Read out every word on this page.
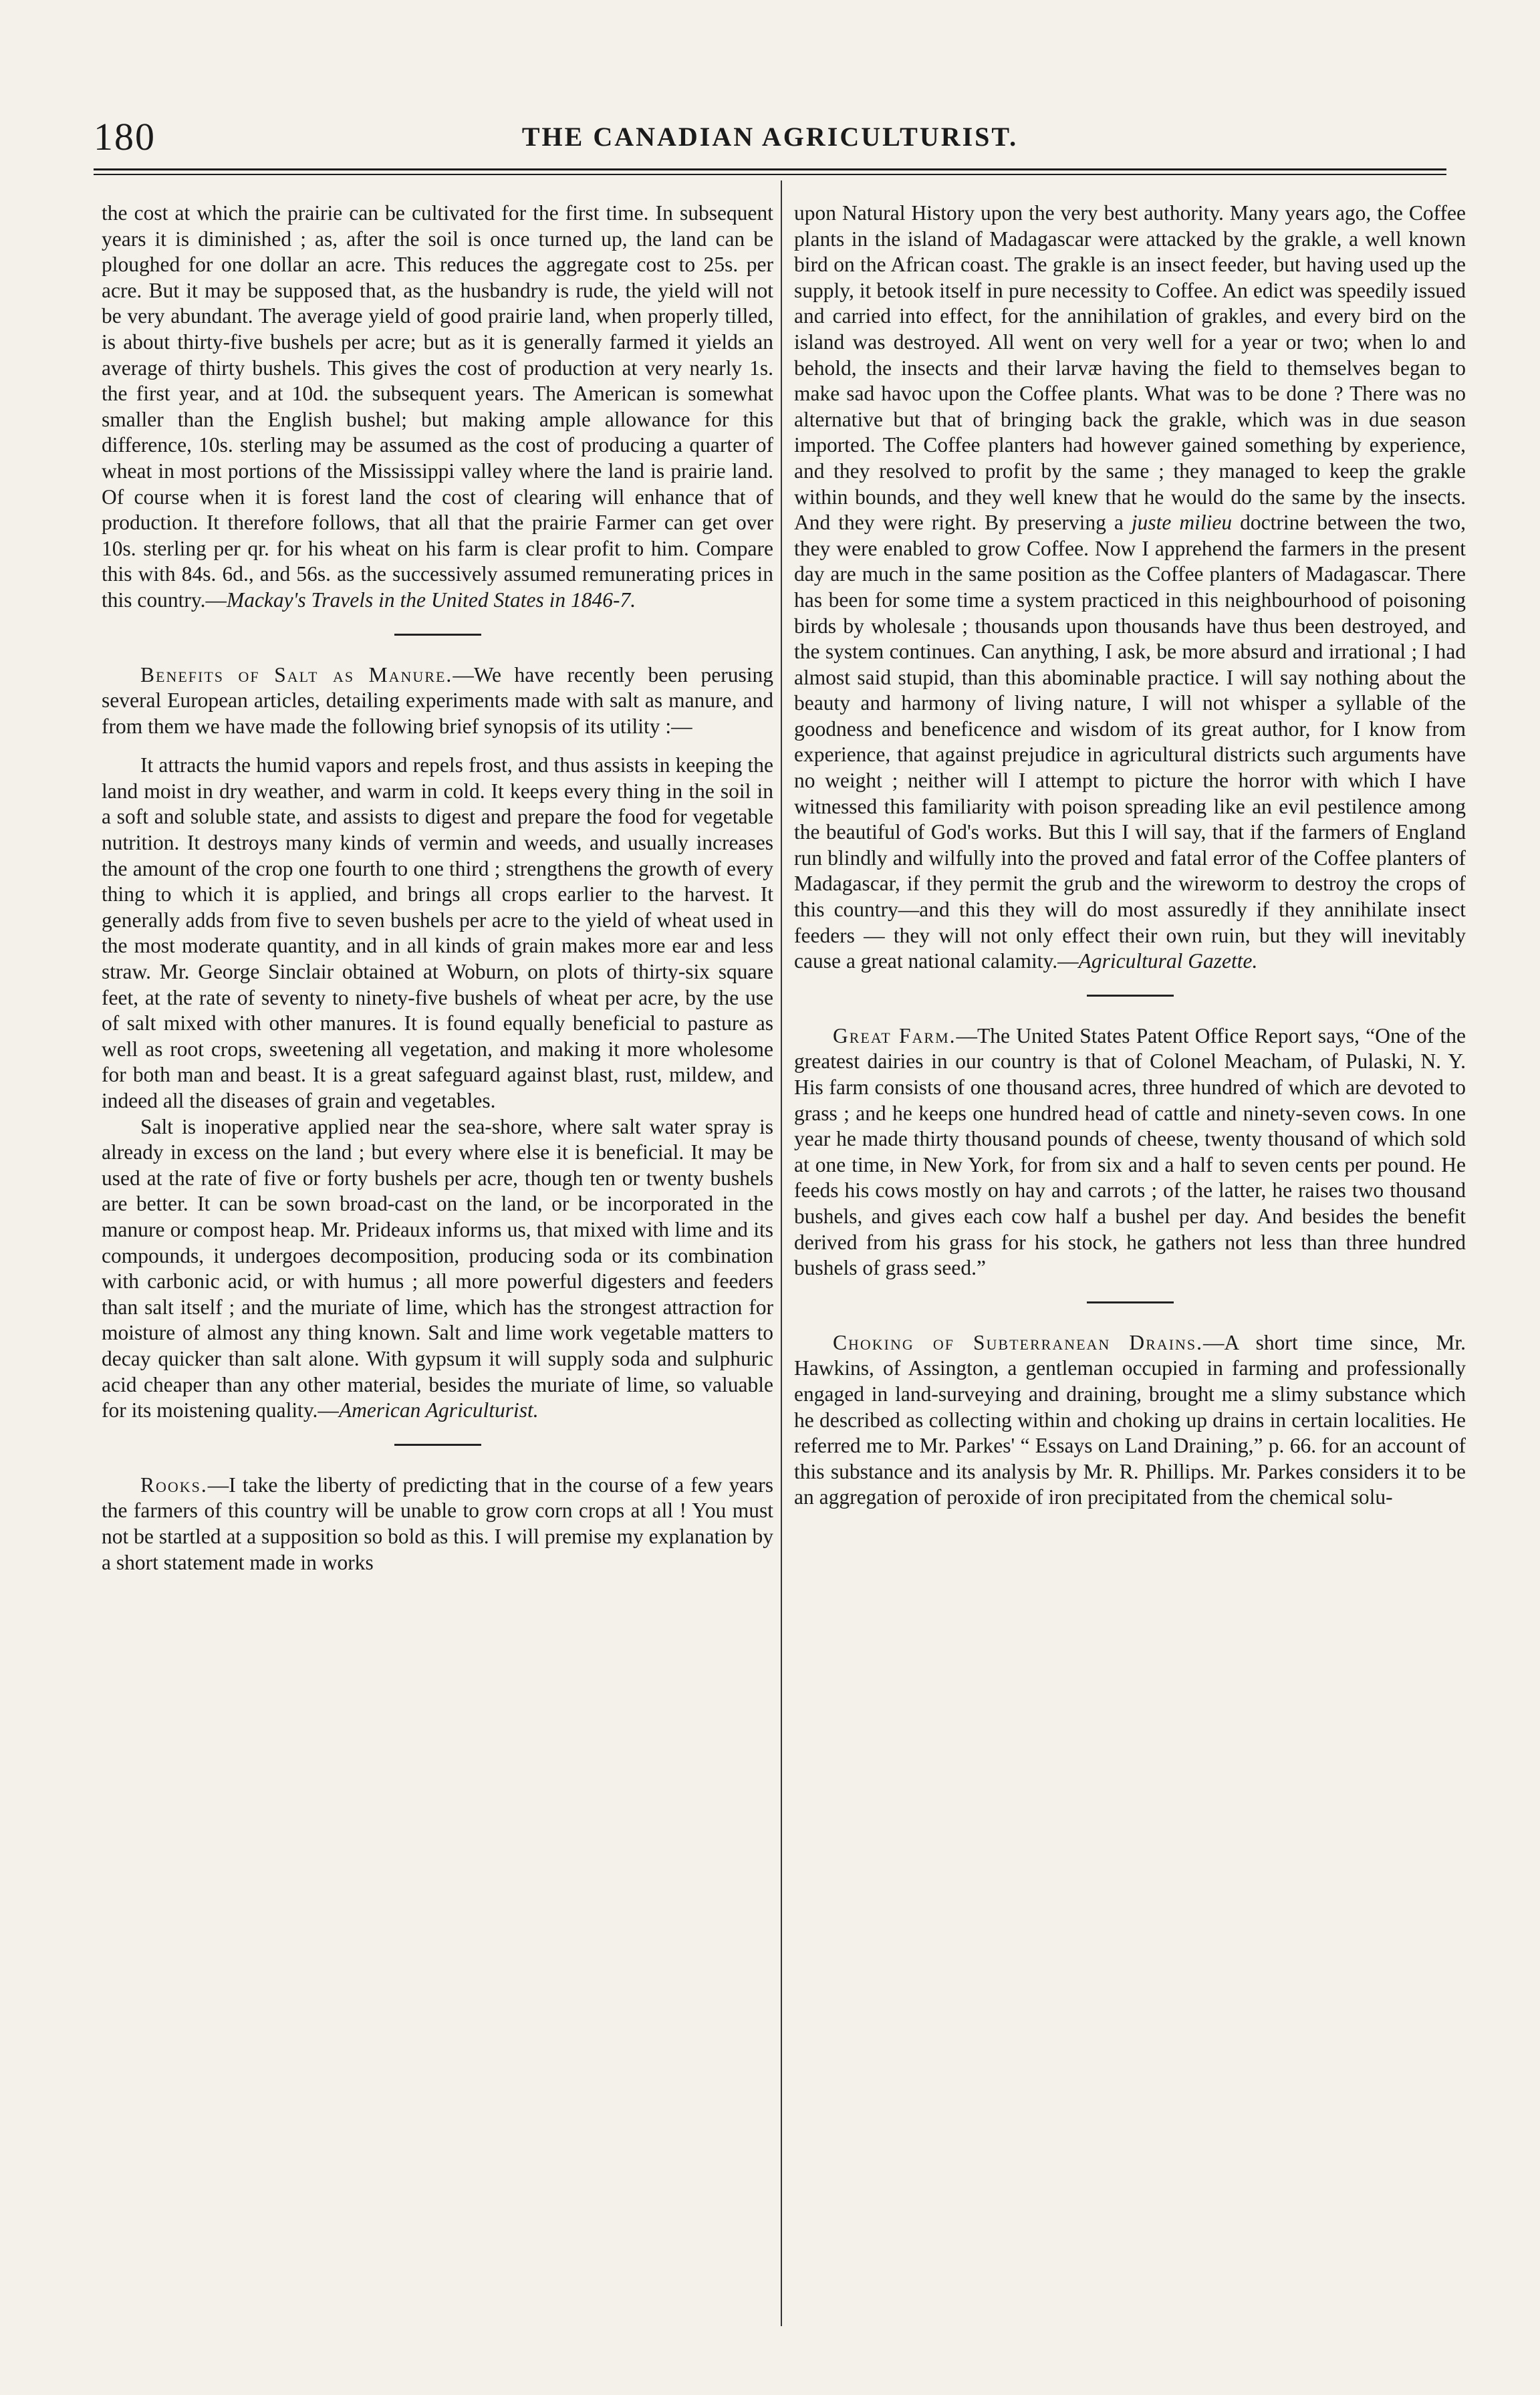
180	THE CANADIAN AGRICULTURIST.

the cost at which the prairie can be cultivated for the first time. In subsequent years it is diminished ; as, after the soil is once turned up, the land can be ploughed for one dollar an acre. This reduces the aggregate cost to 25s. per acre. But it may be supposed that, as the husbandry is rude, the yield will not be very abundant. The average yield of good prairie land, when properly tilled, is about thirty-five bushels per acre; but as it is generally farmed it yields an average of thirty bushels. This gives the cost of production at very nearly 1s. the first year, and at 10d. the subsequent years. The American is somewhat smaller than the English bushel; but making ample allowance for this difference, 10s. sterling may be assumed as the cost of producing a quarter of wheat in most portions of the Mississippi valley where the land is prairie land. Of course when it is forest land the cost of clearing will enhance that of production. It therefore follows, that all that the prairie Farmer can get over 10s. sterling per qr. for his wheat on his farm is clear profit to him. Compare this with 84s. 6d., and 56s. as the successively assumed remunerating prices in this country.—Mackay's Travels in the United States in 1846-7.

Benefits of Salt as Manure.—We have recently been perusing several European articles, detailing experiments made with salt as manure, and from them we have made the following brief synopsis of its utility :—

It attracts the humid vapors and repels frost, and thus assists in keeping the land moist in dry weather, and warm in cold. It keeps every thing in the soil in a soft and soluble state, and assists to digest and prepare the food for vegetable nutrition. It destroys many kinds of vermin and weeds, and usually increases the amount of the crop one fourth to one third ; strengthens the growth of every thing to which it is applied, and brings all crops earlier to the harvest. It generally adds from five to seven bushels per acre to the yield of wheat used in the most moderate quantity, and in all kinds of grain makes more ear and less straw. Mr. George Sinclair obtained at Woburn, on plots of thirty-six square feet, at the rate of seventy to ninety-five bushels of wheat per acre, by the use of salt mixed with other manures. It is found equally beneficial to pasture as well as root crops, sweetening all vegetation, and making it more wholesome for both man and beast. It is a great safeguard against blast, rust, mildew, and indeed all the diseases of grain and vegetables.

Salt is inoperative applied near the sea-shore, where salt water spray is already in excess on the land ; but every where else it is beneficial. It may be used at the rate of five or forty bushels per acre, though ten or twenty bushels are better. It can be sown broad-cast on the land, or be incorporated in the manure or compost heap. Mr. Prideaux informs us, that mixed with lime and its compounds, it undergoes decomposition, producing soda or its combination with carbonic acid, or with humus ; all more powerful digesters and feeders than salt itself ; and the muriate of lime, which has the strongest attraction for moisture of almost any thing known. Salt and lime work vegetable matters to decay quicker than salt alone. With gypsum it will supply soda and sulphuric acid cheaper than any other material, besides the muriate of lime, so valuable for its moistening quality.—American Agriculturist.

Rooks.—I take the liberty of predicting that in the course of a few years the farmers of this country will be unable to grow corn crops at all ! You must not be startled at a supposition so bold as this. I will premise my explanation by a short statement made in works

upon Natural History upon the very best authority. Many years ago, the Coffee plants in the island of Madagascar were attacked by the grakle, a well known bird on the African coast. The grakle is an insect feeder, but having used up the supply, it betook itself in pure necessity to Coffee. An edict was speedily issued and carried into effect, for the annihilation of grakles, and every bird on the island was destroyed. All went on very well for a year or two; when lo and behold, the insects and their larvæ having the field to themselves began to make sad havoc upon the Coffee plants. What was to be done ? There was no alternative but that of bringing back the grakle, which was in due season imported. The Coffee planters had however gained something by experience, and they resolved to profit by the same ; they managed to keep the grakle within bounds, and they well knew that he would do the same by the insects. And they were right. By preserving a juste milieu doctrine between the two, they were enabled to grow Coffee. Now I apprehend the farmers in the present day are much in the same position as the Coffee planters of Madagascar. There has been for some time a system practiced in this neighbourhood of poisoning birds by wholesale ; thousands upon thousands have thus been destroyed, and the system continues. Can anything, I ask, be more absurd and irrational ; I had almost said stupid, than this abominable practice. I will say nothing about the beauty and harmony of living nature, I will not whisper a syllable of the goodness and beneficence and wisdom of its great author, for I know from experience, that against prejudice in agricultural districts such arguments have no weight ; neither will I attempt to picture the horror with which I have witnessed this familiarity with poison spreading like an evil pestilence among the beautiful of God's works. But this I will say, that if the farmers of England run blindly and wilfully into the proved and fatal error of the Coffee planters of Madagascar, if they permit the grub and the wireworm to destroy the crops of this country—and this they will do most assuredly if they annihilate insect feeders — they will not only effect their own ruin, but they will inevitably cause a great national calamity.—Agricultural Gazette.

Great Farm.—The United States Patent Office Report says, “One of the greatest dairies in our country is that of Colonel Meacham, of Pulaski, N. Y. His farm consists of one thousand acres, three hundred of which are devoted to grass ; and he keeps one hundred head of cattle and ninety-seven cows. In one year he made thirty thousand pounds of cheese, twenty thousand of which sold at one time, in New York, for from six and a half to seven cents per pound. He feeds his cows mostly on hay and carrots ; of the latter, he raises two thousand bushels, and gives each cow half a bushel per day. And besides the benefit derived from his grass for his stock, he gathers not less than three hundred bushels of grass seed.”

Choking of Subterranean Drains.—A short time since, Mr. Hawkins, of Assington, a gentleman occupied in farming and professionally engaged in land-surveying and draining, brought me a slimy substance which he described as collecting within and choking up drains in certain localities. He referred me to Mr. Parkes' “ Essays on Land Draining,” p. 66. for an account of this substance and its analysis by Mr. R. Phillips. Mr. Parkes considers it to be an aggregation of peroxide of iron precipitated from the chemical solu-
